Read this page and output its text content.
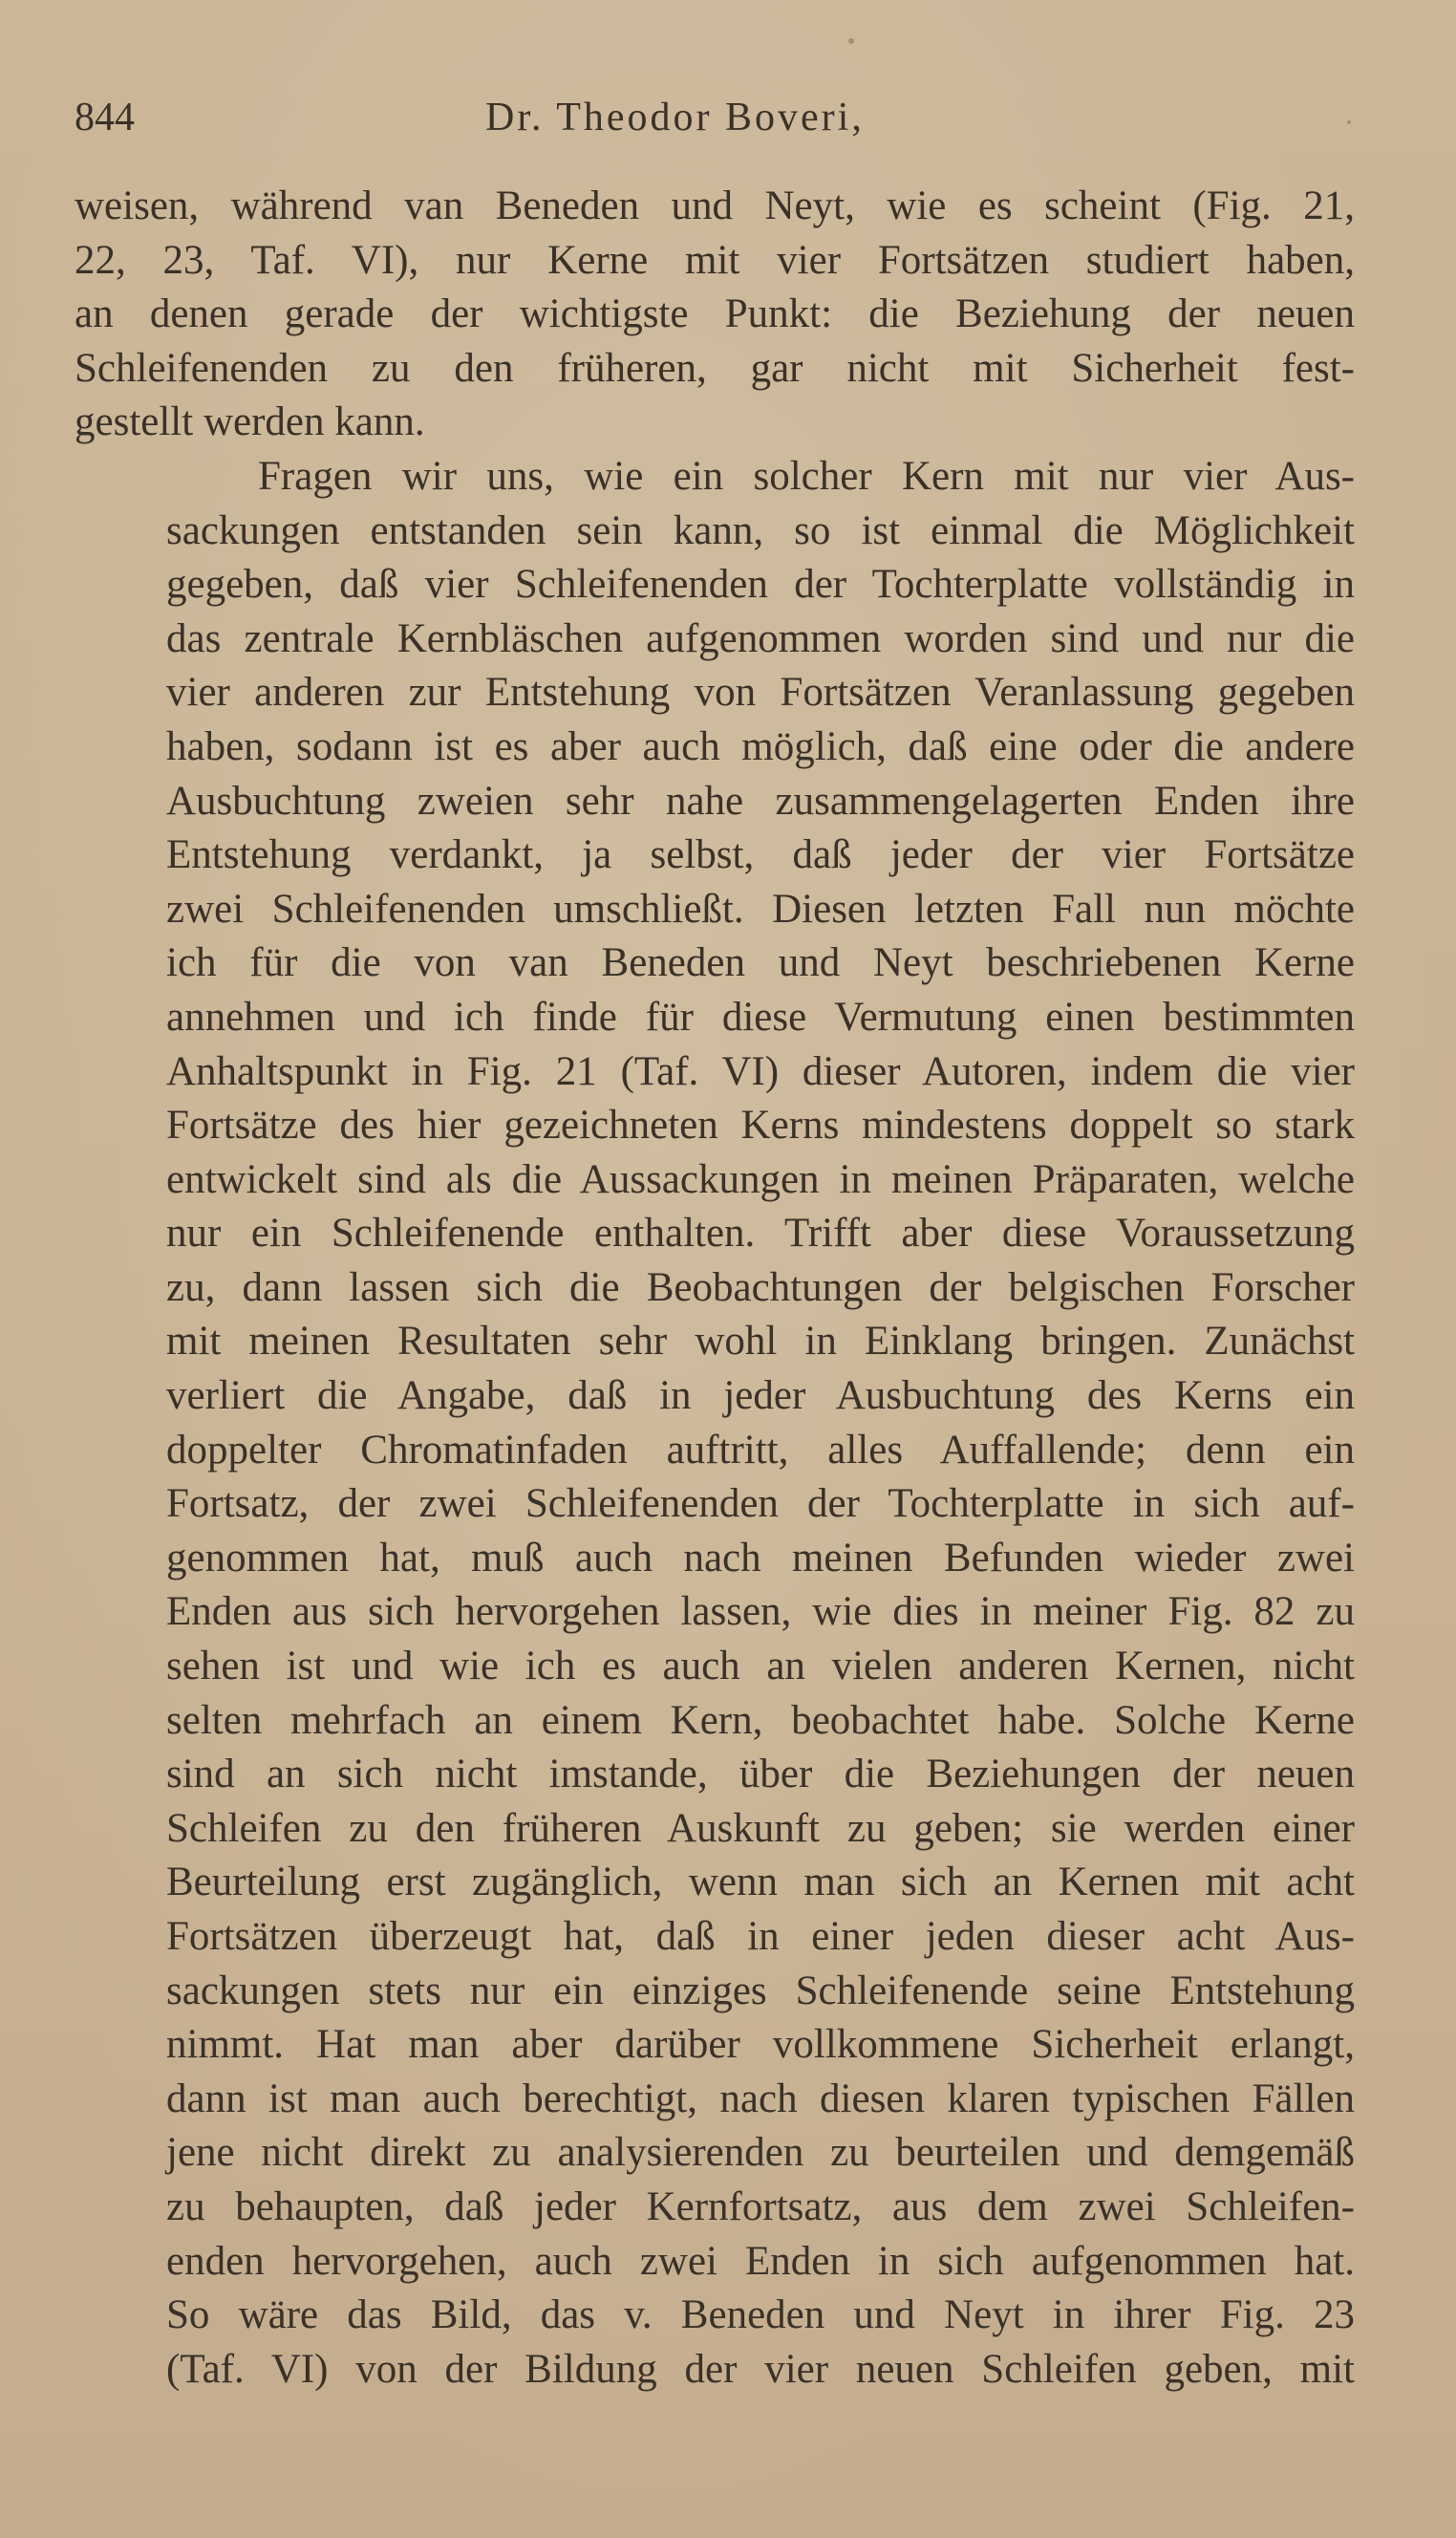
844	Dr. Theodor Boveri,
weisen, während van Beneden und Neyt, wie es scheint (Fig. 21,
22, 23, Taf. VI), nur Kerne mit vier Fortsätzen studiert haben,
an denen gerade der wichtigste Punkt: die Beziehung der neuen
Schleifenenden zu den früheren, gar nicht mit Sicherheit fest-
gestellt werden kann.
Fragen wir uns, wie ein solcher Kern mit nur vier Aus-
sackungen entstanden sein kann, so ist einmal die Möglichkeit
gegeben, daß vier Schleifenenden der Tochterplatte vollständig in
das zentrale Kernbläschen aufgenommen worden sind und nur die
vier anderen zur Entstehung von Fortsätzen Veranlassung gegeben
haben, sodann ist es aber auch möglich, daß eine oder die andere
Ausbuchtung zweien sehr nahe zusammengelagerten Enden ihre
Entstehung verdankt, ja selbst, daß jeder der vier Fortsätze
zwei Schleifenenden umschließt. Diesen letzten Fall nun möchte
ich für die von van Beneden und Neyt beschriebenen Kerne
annehmen und ich finde für diese Vermutung einen bestimmten
Anhaltspunkt in Fig. 21 (Taf. VI) dieser Autoren, indem die vier
Fortsätze des hier gezeichneten Kerns mindestens doppelt so stark
entwickelt sind als die Aussackungen in meinen Präparaten, welche
nur ein Schleifenende enthalten. Trifft aber diese Voraussetzung
zu, dann lassen sich die Beobachtungen der belgischen Forscher
mit meinen Resultaten sehr wohl in Einklang bringen. Zunächst
verliert die Angabe, daß in jeder Ausbuchtung des Kerns ein
doppelter Chromatinfaden auftritt, alles Auffallende; denn ein
Fortsatz, der zwei Schleifenenden der Tochterplatte in sich auf-
genommen hat, muß auch nach meinen Befunden wieder zwei
Enden aus sich hervorgehen lassen, wie dies in meiner Fig. 82 zu
sehen ist und wie ich es auch an vielen anderen Kernen, nicht
selten mehrfach an einem Kern, beobachtet habe. Solche Kerne
sind an sich nicht imstande, über die Beziehungen der neuen
Schleifen zu den früheren Auskunft zu geben; sie werden einer
Beurteilung erst zugänglich, wenn man sich an Kernen mit acht
Fortsätzen überzeugt hat, daß in einer jeden dieser acht Aus-
sackungen stets nur ein einziges Schleifenende seine Entstehung
nimmt. Hat man aber darüber vollkommene Sicherheit erlangt,
dann ist man auch berechtigt, nach diesen klaren typischen Fällen
jene nicht direkt zu analysierenden zu beurteilen und demgemäß
zu behaupten, daß jeder Kernfortsatz, aus dem zwei Schleifen-
enden hervorgehen, auch zwei Enden in sich aufgenommen hat.
So wäre das Bild, das v. Beneden und Neyt in ihrer Fig. 23
(Taf. VI) von der Bildung der vier neuen Schleifen geben, mit
